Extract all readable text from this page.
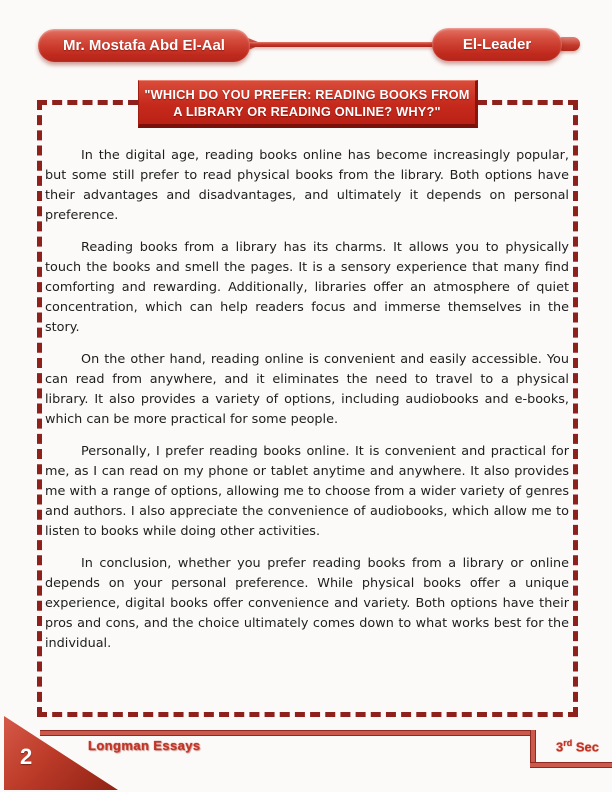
Mr. Mostafa Abd El-Aal	El-Leader
"WHICH DO YOU PREFER: READING BOOKS FROM
A LIBRARY OR READING ONLINE? WHY?"

In the digital age, reading books online has become increasingly popular, but some still prefer to read physical books from the library. Both options have their advantages and disadvantages, and ultimately it depends on personal preference.

Reading books from a library has its charms. It allows you to physically touch the books and smell the pages. It is a sensory experience that many find comforting and rewarding. Additionally, libraries offer an atmosphere of quiet concentration, which can help readers focus and immerse themselves in the story.

On the other hand, reading online is convenient and easily accessible. You can read from anywhere, and it eliminates the need to travel to a physical library. It also provides a variety of options, including audiobooks and e-books, which can be more practical for some people.

Personally, I prefer reading books online. It is convenient and practical for me, as I can read on my phone or tablet anytime and anywhere. It also provides me with a range of options, allowing me to choose from a wider variety of genres and authors. I also appreciate the convenience of audiobooks, which allow me to listen to books while doing other activities.

In conclusion, whether you prefer reading books from a library or online depends on your personal preference. While physical books offer a unique experience, digital books offer convenience and variety. Both options have their pros and cons, and the choice ultimately comes down to what works best for the individual.

2	Longman Essays	3rd Sec
